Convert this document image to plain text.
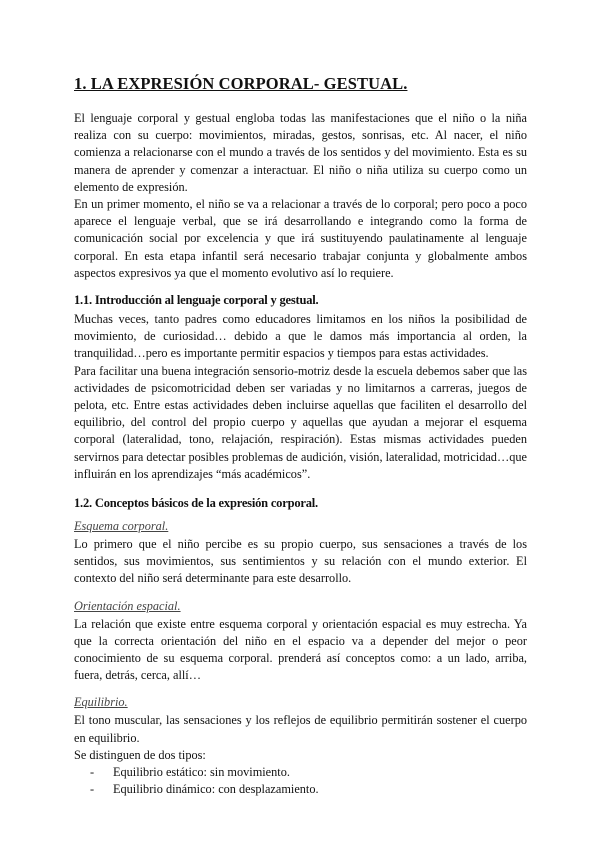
1. LA EXPRESIÓN CORPORAL- GESTUAL.

El lenguaje corporal y gestual engloba todas las manifestaciones que el niño o la niña realiza con su cuerpo: movimientos, miradas, gestos, sonrisas, etc. Al nacer, el niño comienza a relacionarse con el mundo a través de los sentidos y del movimiento. Esta es su manera de aprender y comenzar a interactuar. El niño o niña utiliza su cuerpo como un elemento de expresión.

En un primer momento, el niño se va a relacionar a través de lo corporal; pero poco a poco aparece el lenguaje verbal, que se irá desarrollando e integrando como la forma de comunicación social por excelencia y que irá sustituyendo paulatinamente al lenguaje corporal. En esta etapa infantil será necesario trabajar conjunta y globalmente ambos aspectos expresivos ya que el momento evolutivo así lo requiere.

1.1. Introducción al lenguaje corporal y gestual.

Muchas veces, tanto padres como educadores limitamos en los niños la posibilidad de movimiento, de curiosidad… debido a que le damos más importancia al orden, la tranquilidad…pero es importante permitir espacios y tiempos para estas actividades.

Para facilitar una buena integración sensorio-motriz desde la escuela debemos saber que las actividades de psicomotricidad deben ser variadas y no limitarnos a carreras, juegos de pelota, etc. Entre estas actividades deben incluirse aquellas que faciliten el desarrollo del equilibrio, del control del propio cuerpo y aquellas que ayudan a mejorar el esquema corporal (lateralidad, tono, relajación, respiración). Estas mismas actividades pueden servirnos para detectar posibles problemas de audición, visión, lateralidad, motricidad…que influirán en los aprendizajes “más académicos”.

1.2. Conceptos básicos de la expresión corporal.
Esquema corporal.

Lo primero que el niño percibe es su propio cuerpo, sus sensaciones a través de los sentidos, sus movimientos, sus sentimientos y su relación con el mundo exterior. El contexto del niño será determinante para este desarrollo.

Orientación espacial.

La relación que existe entre esquema corporal y orientación espacial es muy estrecha. Ya que la correcta orientación del niño en el espacio va a depender del mejor o peor conocimiento de su esquema corporal. prenderá así conceptos como: a un lado, arriba, fuera, detrás, cerca, allí…

Equilibrio.

El tono muscular, las sensaciones y los reflejos de equilibrio permitirán sostener el cuerpo en equilibrio.

Se distinguen de dos tipos:

- Equilibrio estático: sin movimiento.
- Equilibrio dinámico: con desplazamiento.
